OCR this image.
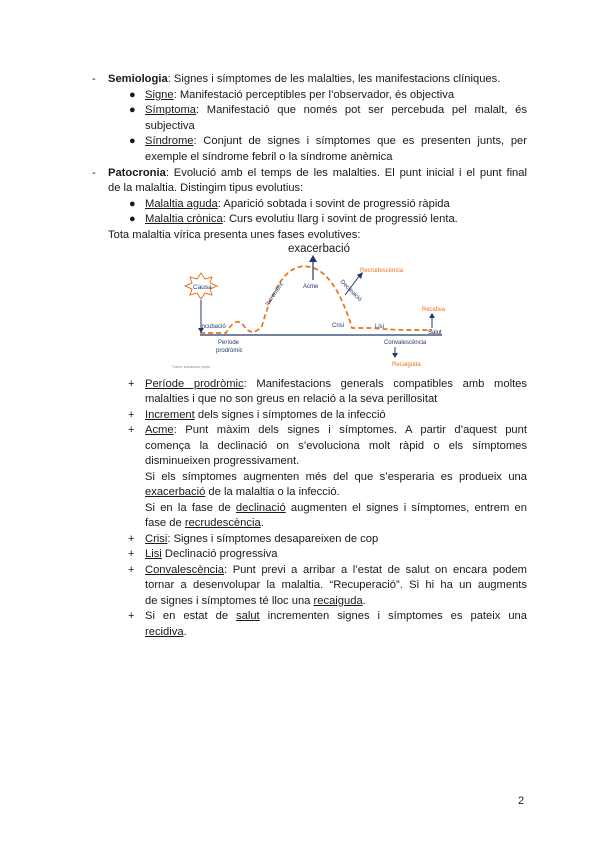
- Semiologia: Signes i símptomes de les malalties, les manifestacions clíniques.
● Signe: Manifestació perceptibles per l’observador, és objectiva
● Símptoma: Manifestació que només pot ser percebuda pel malalt, és
subjectiva
● Síndrome: Conjunt de signes i símptomes que es presenten junts, per
exemple el síndrome febril o la síndrome anèmica
- Patocronia: Evolució amb el temps de les malalties. El punt inicial i el punt final
de la malaltia. Distingim tipus evolutius:
● Malaltia aguda: Aparició sobtada i sovint de progressió ràpida
● Malaltia crònica: Curs evolutiu llarg i sovint de progressió lenta.
Tota malaltia vírica presenta unes fases evolutives:
exacerbació
Causa
Incubació
Període
prodròmic
Increment	Acme	Declinació
Recrudescència
Crisi	Lisi
Recidiva
Salut
Convalescència
Recaiguda
Fuente: elaboración propia
+ Període prodròmic: Manifestacions generals compatibles amb moltes
malalties i que no son greus en relació a la seva perillositat
+ Increment dels signes i símptomes de la infecció
+ Acme: Punt màxim dels signes i símptomes. A partir d’aquest punt
comença la declinació on s’evoluciona molt ràpid o els símptomes
disminueixen progressivament.
Si els símptomes augmenten més del que s’esperaria es produeix una
exacerbació de la malaltia o la infecció.
Si en la fase de declinació augmenten el signes i símptomes, entrem en
fase de recrudescència.
+ Crisi: Signes i símptomes desapareixen de cop
+ Lisi Declinació progressiva
+ Convalescència: Punt previ a arribar a l’estat de salut on encara podem
tornar a desenvolupar la malaltia. “Recuperació”. Si hi ha un augments
de signes i símptomes té lloc una recaiguda.
+ Si en estat de salut incrementen signes i símptomes es pateix una
recidiva.
2
